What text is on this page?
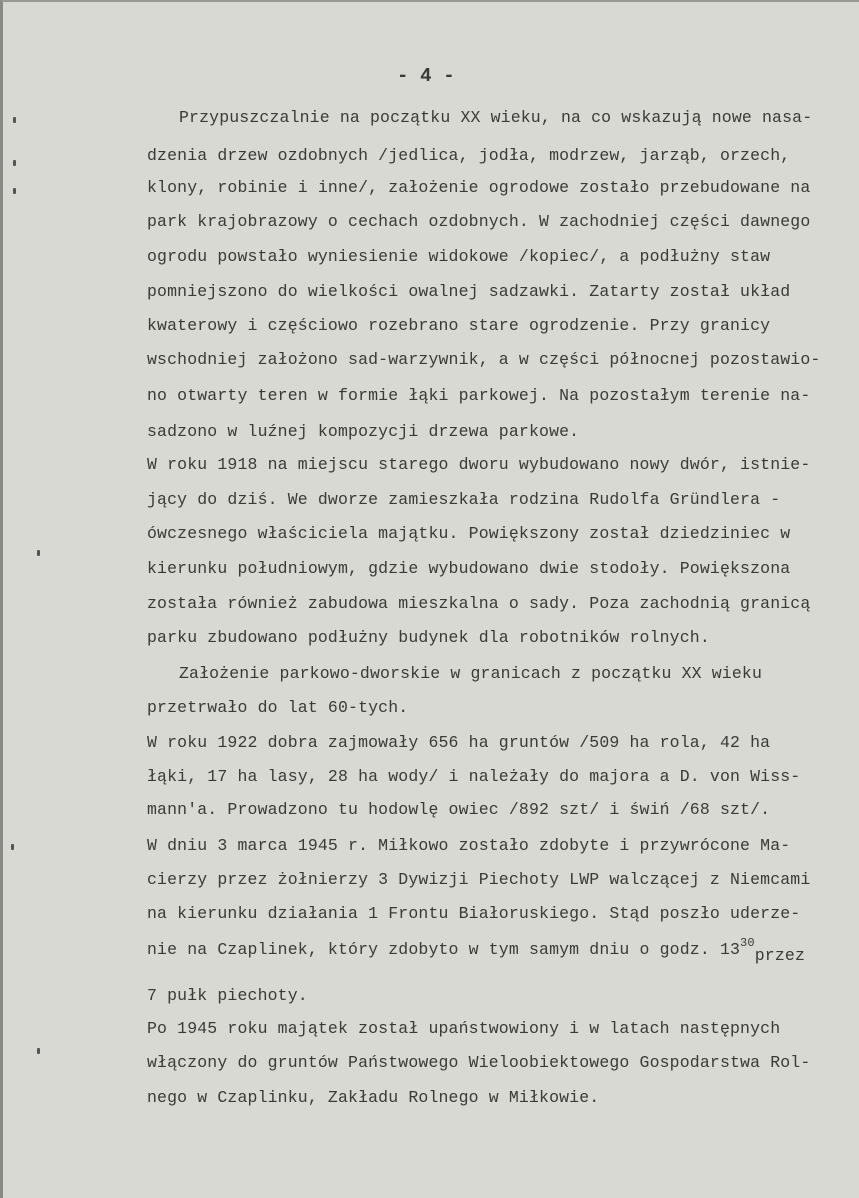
- 4 -
Przypuszczalnie na początku XX wieku, na co wskazują nowe nasa-
dzenia drzew ozdobnych /jedlica, jodła, modrzew, jarząb, orzech,
klony, robinie i inne/, założenie ogrodowe zostało przebudowane na
park krajobrazowy o cechach ozdobnych. W zachodniej części dawnego
ogrodu powstało wyniesienie widokowe /kopiec/, a podłużny staw
pomniejszono do wielkości owalnej sadzawki. Zatarty został układ
kwaterowy i częściowo rozebrano stare ogrodzenie. Przy granicy
wschodniej założono sad-warzywnik, a w części północnej pozostawio-
no otwarty teren w formie łąki parkowej. Na pozostałym terenie na-
sadzono w luźnej kompozycji drzewa parkowe.
W roku 1918 na miejscu starego dworu wybudowano nowy dwór, istnie-
jący do dziś. We dworze zamieszkała rodzina Rudolfa Gründlera -
ówczesnego właściciela majątku. Powiększony został dziedziniec w
kierunku południowym, gdzie wybudowano dwie stodoły. Powiększona
została również zabudowa mieszkalna o sady. Poza zachodnią granicą
parku zbudowano podłużny budynek dla robotników rolnych.
Założenie parkowo-dworskie w granicach z początku XX wieku
przetrwało do lat 60-tych.
W roku 1922 dobra zajmowały 656 ha gruntów /509 ha rola, 42 ha
łąki, 17 ha lasy, 28 ha wody/ i należały do majora a D. von Wiss-
mann'a. Prowadzono tu hodowlę owiec /892 szt/ i świń /68 szt/.
W dniu 3 marca 1945 r. Miłkowo zostało zdobyte i przywrócone Ma-
cierzy przez żołnierzy 3 Dywizji Piechoty LWP walczącej z Niemcami
na kierunku działania 1 Frontu Białoruskiego. Stąd poszło uderze-
nie na Czaplinek, który zdobyto w tym samym dniu o godz. $13^{30}przez$
7 pułk piechoty.
Po 1945 roku majątek został upaństwowiony i w latach następnych
włączony do gruntów Państwowego Wieloobiektowego Gospodarstwa Rol-
nego w Czaplinku, Zakładu Rolnego w Miłkowie.
